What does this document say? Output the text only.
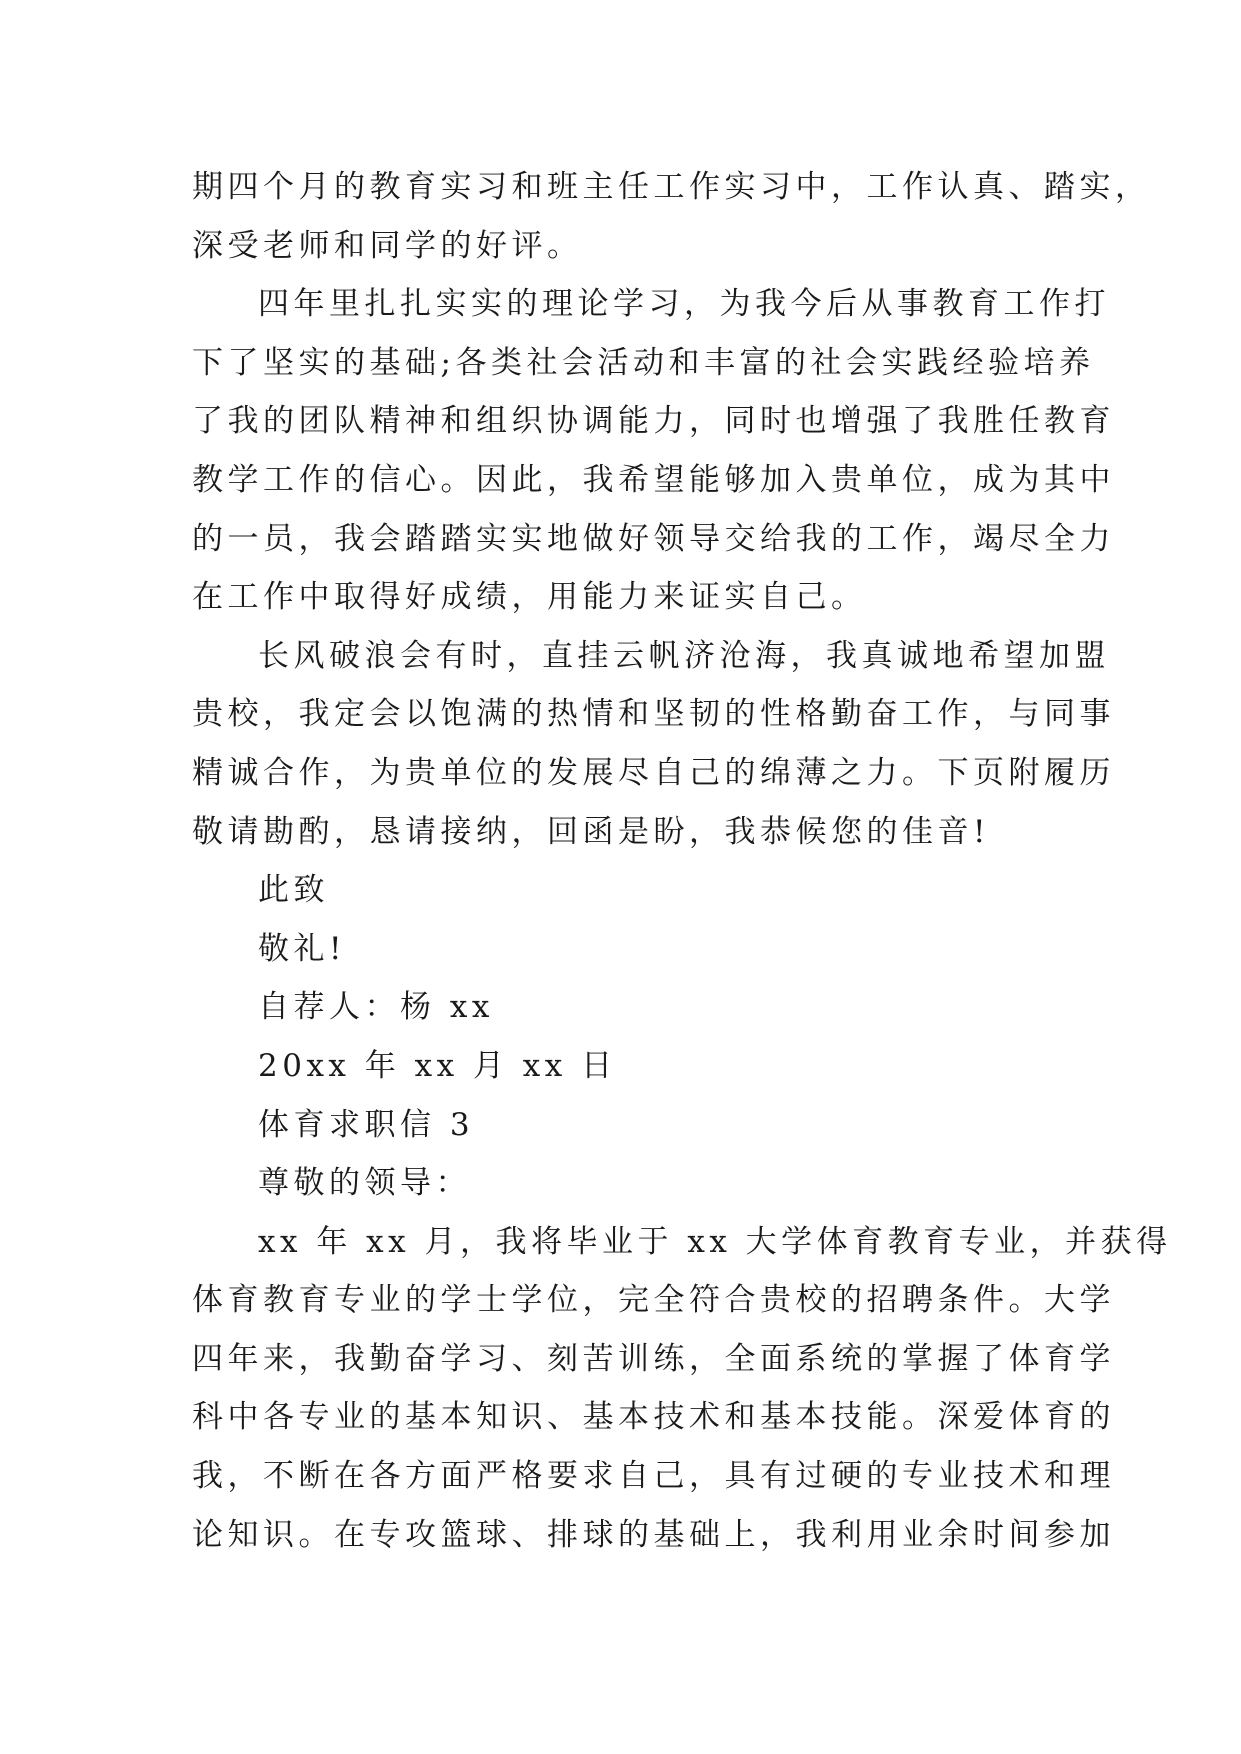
期四个月的教育实习和班主任工作实习中，工作认真、踏实，
深受老师和同学的好评。
四年里扎扎实实的理论学习，为我今后从事教育工作打
下了坚实的基础;各类社会活动和丰富的社会实践经验培养
了我的团队精神和组织协调能力，同时也增强了我胜任教育
教学工作的信心。因此，我希望能够加入贵单位，成为其中
的一员，我会踏踏实实地做好领导交给我的工作，竭尽全力
在工作中取得好成绩，用能力来证实自己。
长风破浪会有时，直挂云帆济沧海，我真诚地希望加盟
贵校，我定会以饱满的热情和坚韧的性格勤奋工作，与同事
精诚合作，为贵单位的发展尽自己的绵薄之力。下页附履历
敬请勘酌，恳请接纳，回函是盼，我恭候您的佳音!

此致

敬礼!

自荐人：杨 xx

20xx 年 xx 月 xx 日

体育求职信 3

尊敬的领导：

xx 年 xx 月，我将毕业于 xx 大学体育教育专业，并获得
体育教育专业的学士学位，完全符合贵校的招聘条件。大学
四年来，我勤奋学习、刻苦训练，全面系统的掌握了体育学
科中各专业的基本知识、基本技术和基本技能。深爱体育的
我，不断在各方面严格要求自己，具有过硬的专业技术和理
论知识。在专攻篮球、排球的基础上，我利用业余时间参加
